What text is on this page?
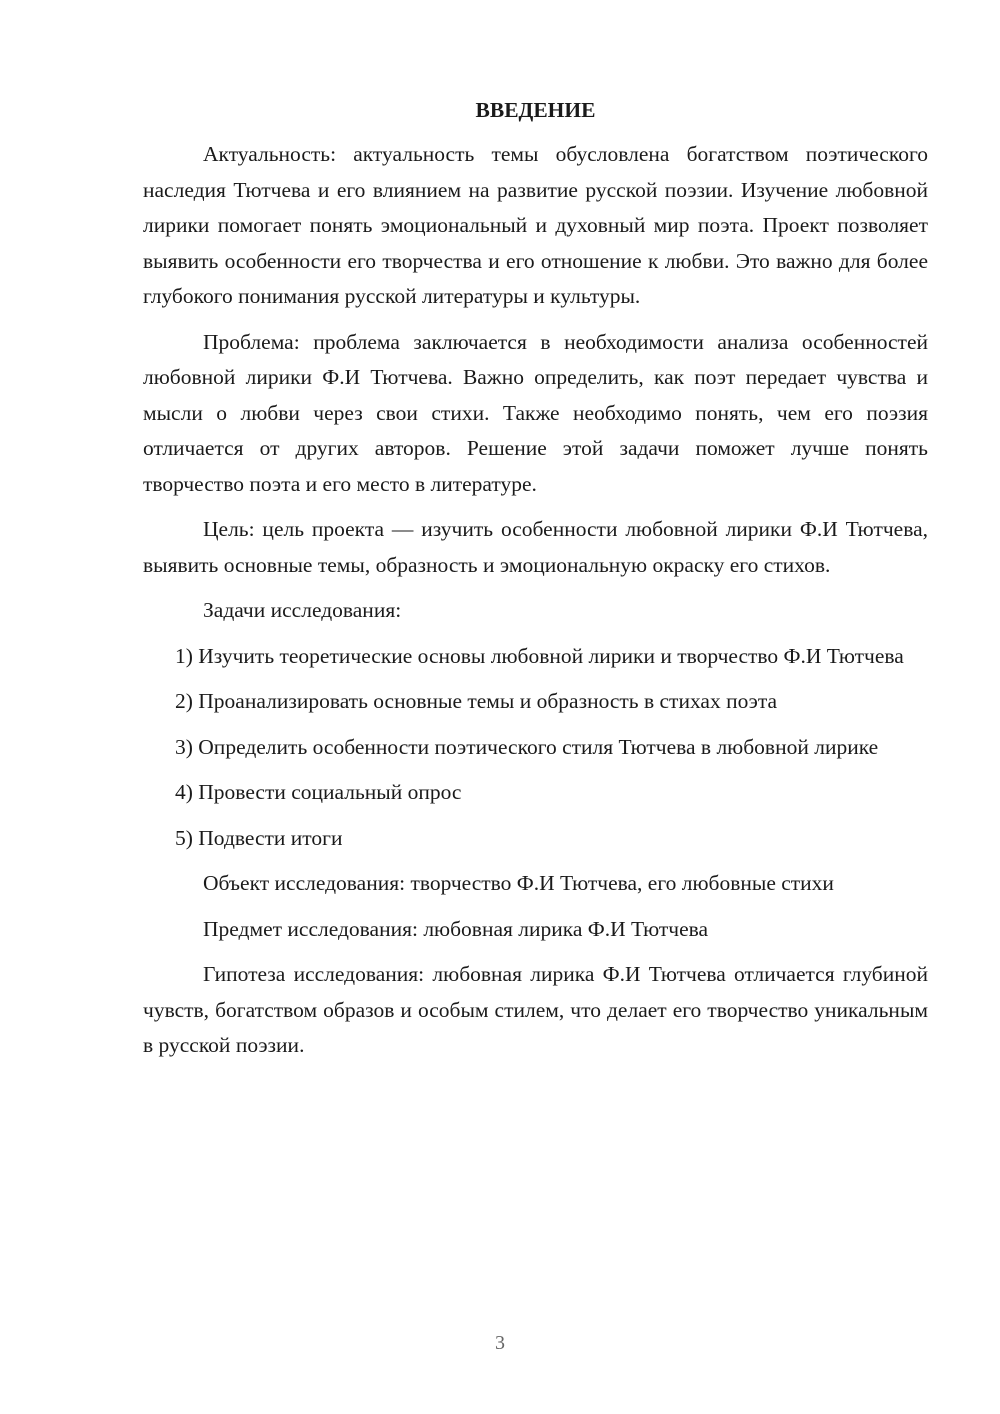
ВВЕДЕНИЕ
Актуальность: актуальность темы обусловлена богатством поэтического наследия Тютчева и его влиянием на развитие русской поэзии. Изучение любовной лирики помогает понять эмоциональный и духовный мир поэта. Проект позволяет выявить особенности его творчества и его отношение к любви. Это важно для более глубокого понимания русской литературы и культуры.
Проблема: проблема заключается в необходимости анализа особенностей любовной лирики Ф.И Тютчева. Важно определить, как поэт передает чувства и мысли о любви через свои стихи. Также необходимо понять, чем его поэзия отличается от других авторов. Решение этой задачи поможет лучше понять творчество поэта и его место в литературе.
Цель: цель проекта — изучить особенности любовной лирики Ф.И Тютчева, выявить основные темы, образность и эмоциональную окраску его стихов.
Задачи исследования:
1) Изучить теоретические основы любовной лирики и творчество Ф.И Тютчева
2) Проанализировать основные темы и образность в стихах поэта
3) Определить особенности поэтического стиля Тютчева в любовной лирике
4) Провести социальный опрос
5) Подвести итоги
Объект исследования: творчество Ф.И Тютчева, его любовные стихи
Предмет исследования: любовная лирика Ф.И Тютчева
Гипотеза исследования: любовная лирика Ф.И Тютчева отличается глубиной чувств, богатством образов и особым стилем, что делает его творчество уникальным в русской поэзии.
3
